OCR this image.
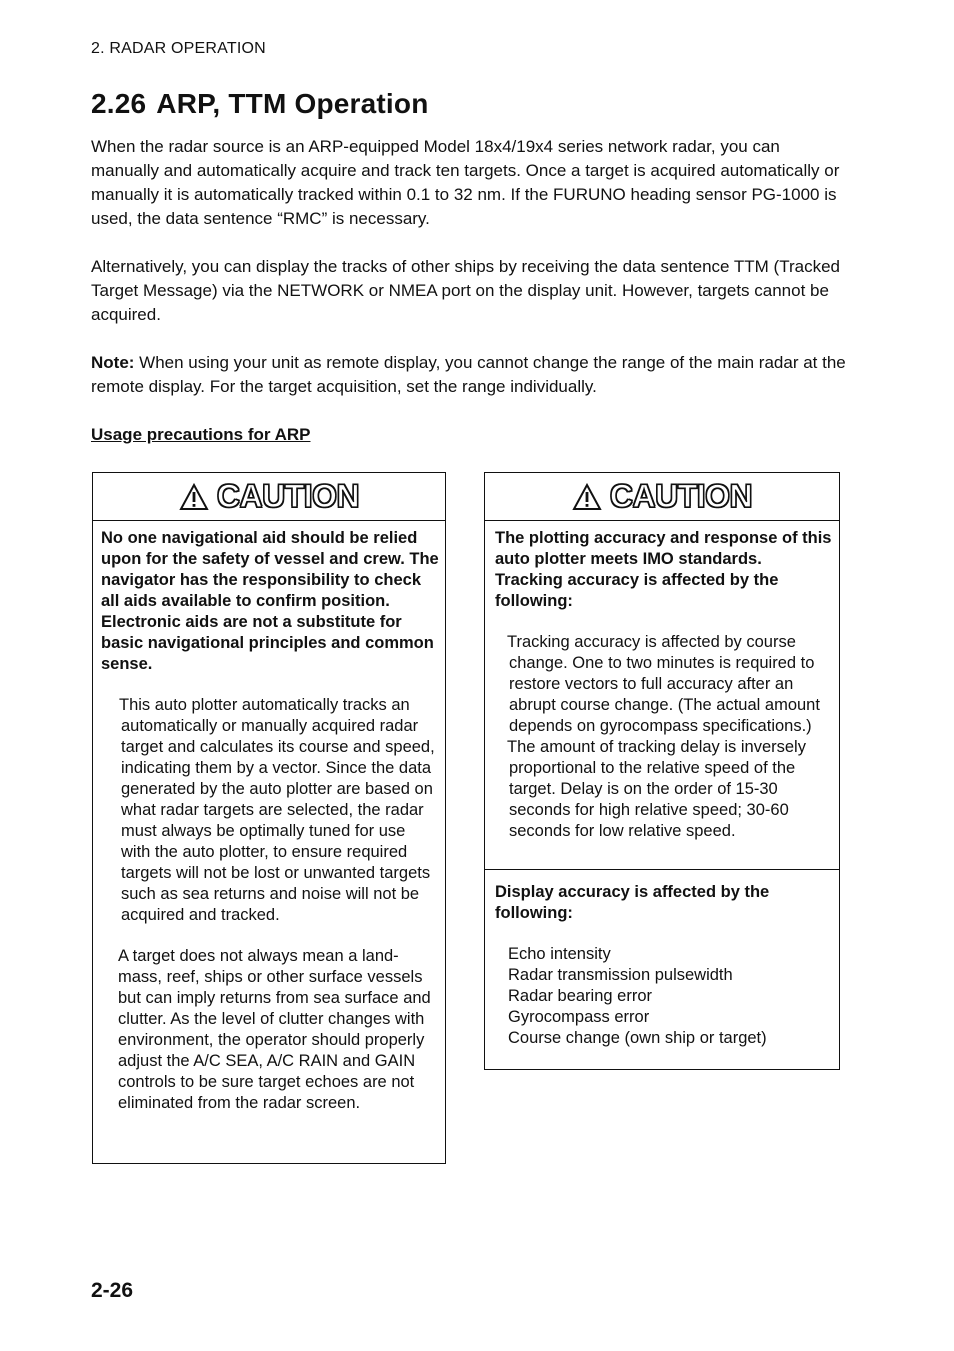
2. RADAR OPERATION
2.26 ARP, TTM Operation

When the radar source is an ARP-equipped Model 18x4/19x4 series network radar, you can manually and automatically acquire and track ten targets. Once a target is acquired automatically or manually it is automatically tracked within 0.1 to 32 nm. If the FURUNO heading sensor PG-1000 is used, the data sentence “RMC” is necessary.

Alternatively, you can display the tracks of other ships by receiving the data sentence TTM (Tracked Target Message) via the NETWORK or NMEA port on the display unit. However, targets cannot be acquired.

Note: When using your unit as remote display, you cannot change the range of the main radar at the remote display. For the target acquisition, set the range individually.

Usage precautions for ARP
CAUTION

No one navigational aid should be relied upon for the safety of vessel and crew. The navigator has the responsibility to check all aids available to confirm position. Electronic aids are not a substitute for basic navigational principles and common sense.

This auto plotter automatically tracks an automatically or manually acquired radar target and calculates its course and speed, indicating them by a vector. Since the data generated by the auto plotter are based on what radar targets are selected, the radar must always be optimally tuned for use with the auto plotter, to ensure required targets will not be lost or unwanted targets such as sea returns and noise will not be acquired and tracked.

A target does not always mean a land-mass, reef, ships or other surface vessels but can imply returns from sea surface and clutter. As the level of clutter changes with environment, the operator should properly adjust the A/C SEA, A/C RAIN and GAIN controls to be sure target echoes are not eliminated from the radar screen.

CAUTION

The plotting accuracy and response of this auto plotter meets IMO standards. Tracking accuracy is affected by the following:

Tracking accuracy is affected by course change. One to two minutes is required to restore vectors to full accuracy after an abrupt course change. (The actual amount depends on gyrocompass specifications.)

The amount of tracking delay is inversely proportional to the relative speed of the target. Delay is on the order of 15-30 seconds for high relative speed; 30-60 seconds for low relative speed.

Display accuracy is affected by the following:

Echo intensity
Radar transmission pulsewidth
Radar bearing error
Gyrocompass error
Course change (own ship or target)
2-26
